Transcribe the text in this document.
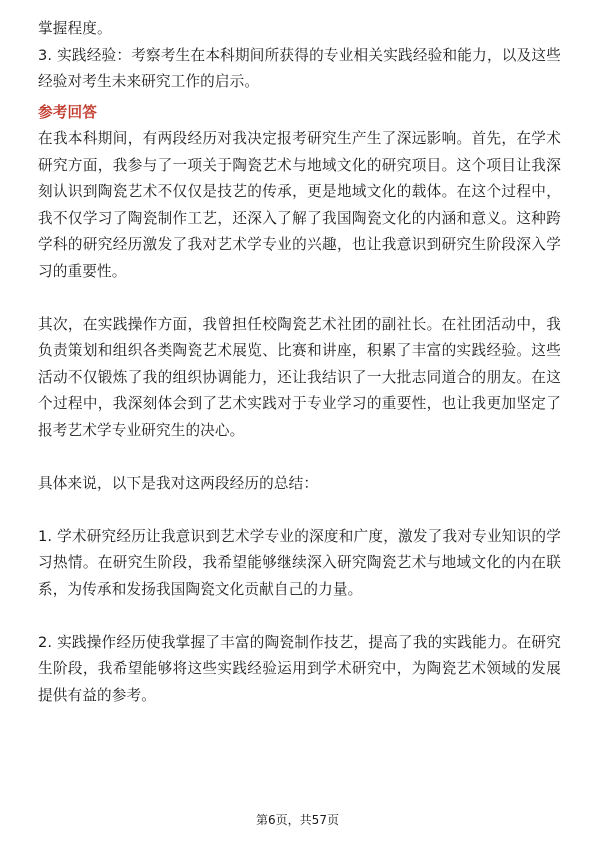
掌握程度。

3. 实践经验：考察考生在本科期间所获得的专业相关实践经验和能力，以及这些经验对考生未来研究工作的启示。

参考回答

在我本科期间，有两段经历对我决定报考研究生产生了深远影响。首先，在学术研究方面，我参与了一项关于陶瓷艺术与地域文化的研究项目。这个项目让我深刻认识到陶瓷艺术不仅仅是技艺的传承，更是地域文化的载体。在这个过程中，我不仅学习了陶瓷制作工艺，还深入了解了我国陶瓷文化的内涵和意义。这种跨学科的研究经历激发了我对艺术学专业的兴趣，也让我意识到研究生阶段深入学习的重要性。

其次，在实践操作方面，我曾担任校陶瓷艺术社团的副社长。在社团活动中，我负责策划和组织各类陶瓷艺术展览、比赛和讲座，积累了丰富的实践经验。这些活动不仅锻炼了我的组织协调能力，还让我结识了一大批志同道合的朋友。在这个过程中，我深刻体会到了艺术实践对于专业学习的重要性，也让我更加坚定了报考艺术学专业研究生的决心。

具体来说，以下是我对这两段经历的总结：

1. 学术研究经历让我意识到艺术学专业的深度和广度，激发了我对专业知识的学习热情。在研究生阶段，我希望能够继续深入研究陶瓷艺术与地域文化的内在联系，为传承和发扬我国陶瓷文化贡献自己的力量。

2. 实践操作经历使我掌握了丰富的陶瓷制作技艺，提高了我的实践能力。在研究生阶段，我希望能够将这些实践经验运用到学术研究中，为陶瓷艺术领域的发展提供有益的参考。

第6页，共57页
